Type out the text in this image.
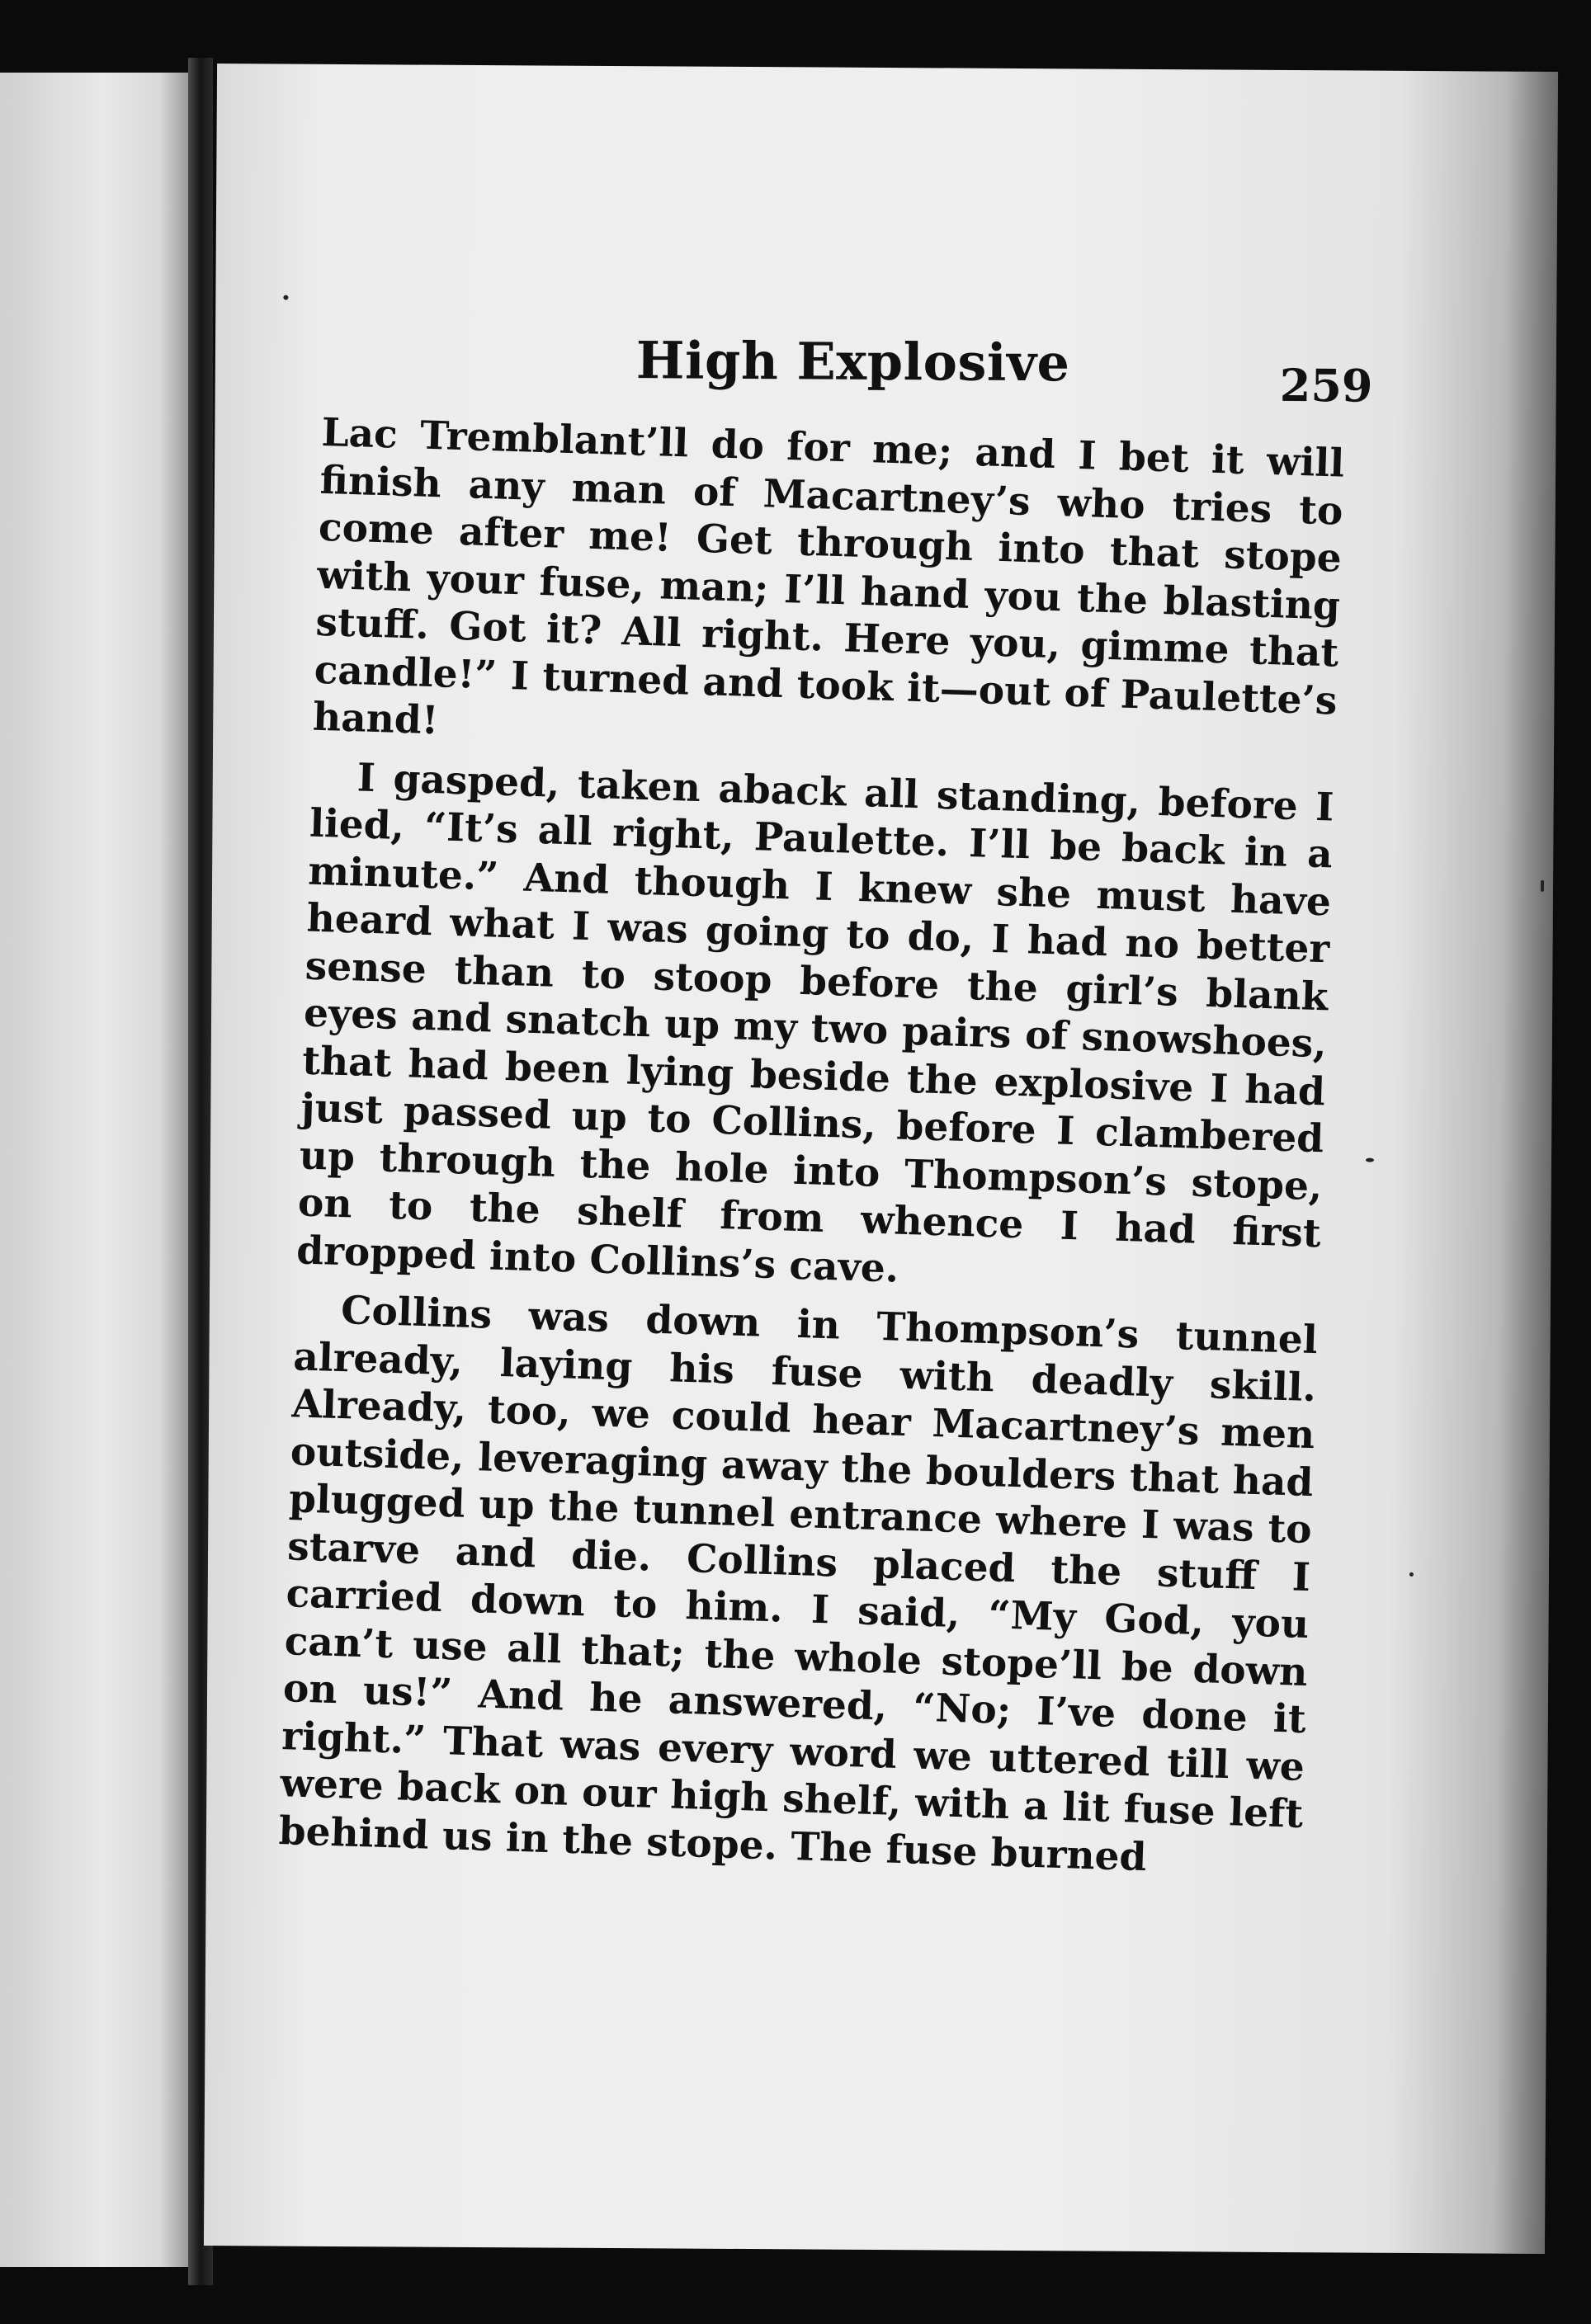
High Explosive	259

Lac Tremblant’ll do for me; and I bet it will finish any man of Macartney’s who tries to come after me! Get through into that stope with your fuse, man; I’ll hand you the blasting stuff. Got it? All right. Here you, gimme that candle!” I turned and took it—out of Paulette’s hand!

I gasped, taken aback all standing, before I lied, “It’s all right, Paulette. I’ll be back in a minute.” And though I knew she must have heard what I was going to do, I had no better sense than to stoop before the girl’s blank eyes and snatch up my two pairs of snowshoes, that had been lying beside the explosive I had just passed up to Collins, before I clambered up through the hole into Thompson’s stope, on to the shelf from whence I had first dropped into Collins’s cave.

Collins was down in Thompson’s tunnel already, laying his fuse with deadly skill. Already, too, we could hear Macartney’s men outside, leveraging away the boulders that had plugged up the tunnel entrance where I was to starve and die. Collins placed the stuff I carried down to him. I said, “My God, you can’t use all that; the whole stope’ll be down on us!” And he answered, “No; I’ve done it right.” That was every word we uttered till we were back on our high shelf, with a lit fuse left behind us in the stope. The fuse burned
